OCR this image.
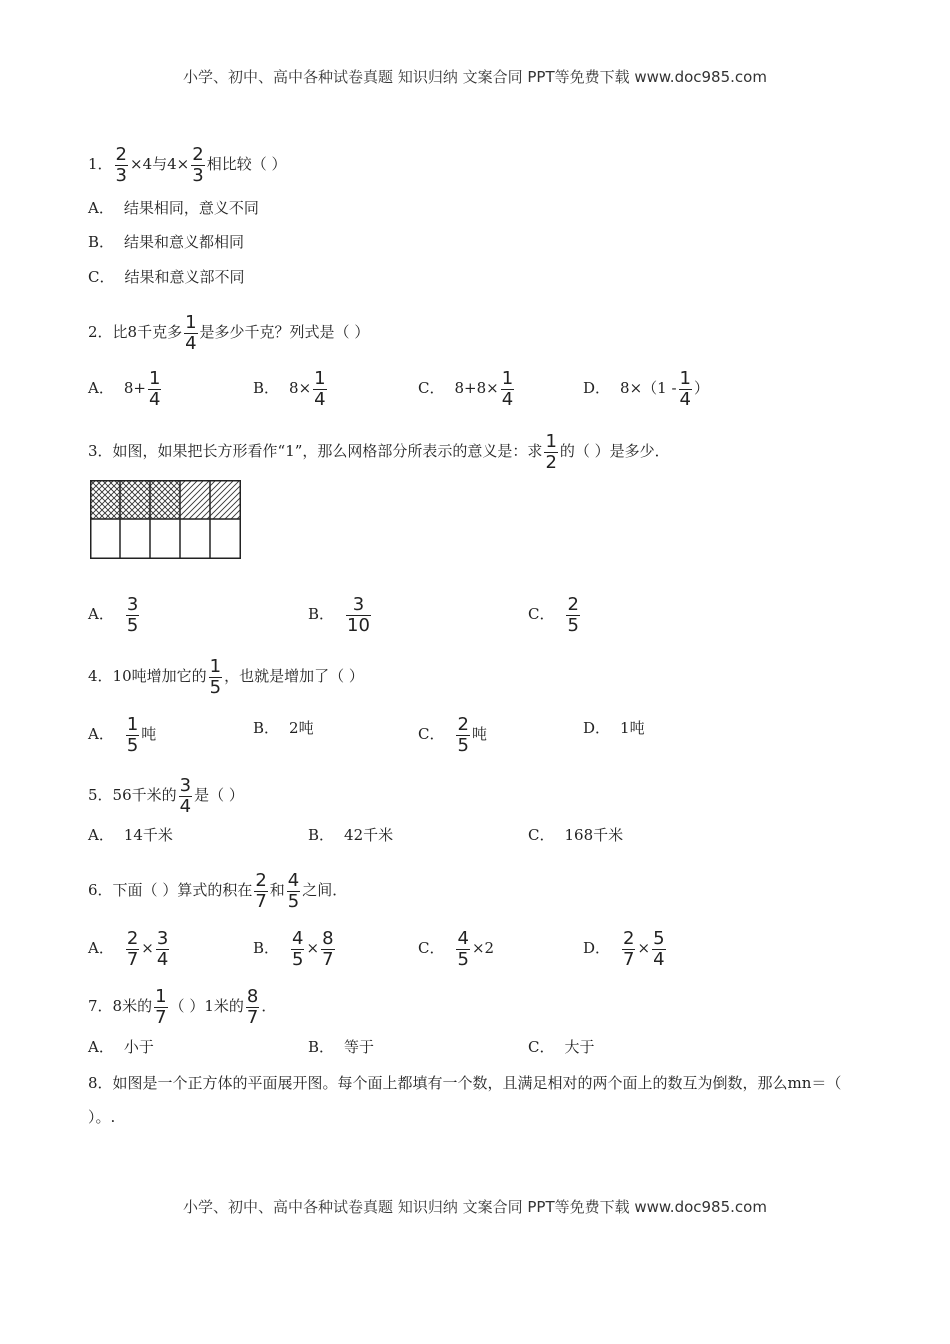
小学、初中、高中各种试卷真题 知识归纳 文案合同 PPT等免费下载 www.doc985.com
1． $\frac{2}{3} \times 4$与$4\times \frac{2}{3}$ 相比较（ ）
A． 结果相同，意义不同
B． 结果和意义都相同
C． 结果和意义部不同
2．比8千克多 $\frac{1}{4}$ 是多少千克？列式是（ ）
A． $8+ \frac{1}{4}$	B． $8\times \frac{1}{4}$	C． $8+8\times \frac{1}{4}$	D． $8\times(1 - \frac{1}{4}$ ）
3．如图，如果把长方形看作“1”，那么网格部分所表示的意义是：求 $\frac{1}{2}$ 的（ ）是多少．
A． $\frac{3}{5}$	B． $\frac{3}{10}$	C． $\frac{2}{5}$
4．10吨增加它的 $\frac{1}{5}$ ，也就是增加了（ ）
A． $\frac{1}{5}$ 吨	B． 2吨	C． $\frac{2}{5}$ 吨	D． 1吨
5．56千米的 $\frac{3}{4}$ 是（ ）
A． 14千米	B． 42千米	C． 168千米
6．下面（ ）算式的积在 $\frac{2}{7}$ 和 $\frac{4}{5}$ 之间．
A． $\frac{2}{7} \times \frac{3}{4}$	B． $\frac{4}{5} \times \frac{8}{7}$	C． $\frac{4}{5} \times 2$	D． $\frac{2}{7} \times \frac{5}{4}$
7．8米的 $\frac{1}{7}$ （ ）1米的 $\frac{8}{7}$ ．
A． 小于	B． 等于	C． 大于
8．如图是一个正方体的平面展开图。每个面上都填有一个数，且满足相对的两个面上的数互为倒数，那么mn＝（ ）。.
小学、初中、高中各种试卷真题 知识归纳 文案合同 PPT等免费下载 www.doc985.com
